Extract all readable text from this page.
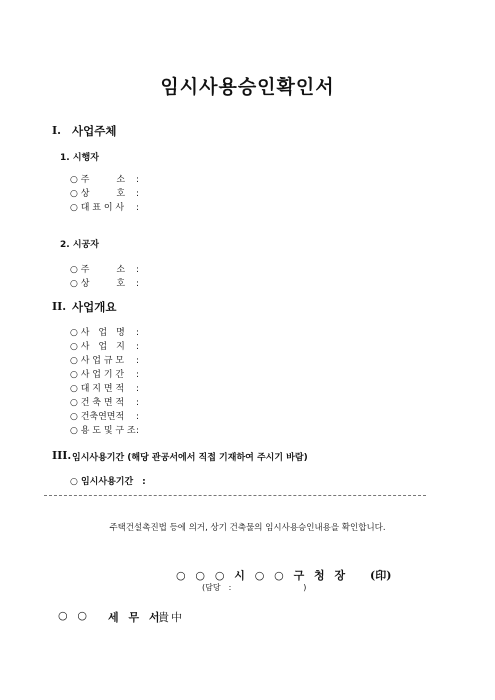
임시사용승인확인서
I. 사업주체
1. 시행자
○ 주　　　소 :
○ 상　　　호 :
○ 대 표 이 사 :
2. 시공자
○ 주　　　소 :
○ 상　　　호 :
II. 사업개요
○ 사　업　명 :
○ 사　업　지 :
○ 사 업 규 모 :
○ 사 업 기 간 :
○ 대 지 면 적 :
○ 건 축 면 적 :
○ 건축연면적 :
○ 용 도 및 구 조:
III. 임시사용기간 (해당 관공서에서 직접 기재하여 주시기 바람)
○ 임시사용기간　:
주택건설촉진법 등에 의거, 상기 건축물의 임시사용승인내용을 확인합니다.
○ ○ ○ 시 ○ ○ 구 청 장 (印)
(담당　:　　　　　　　　　)
○ ○ 세 무 서
貴中
